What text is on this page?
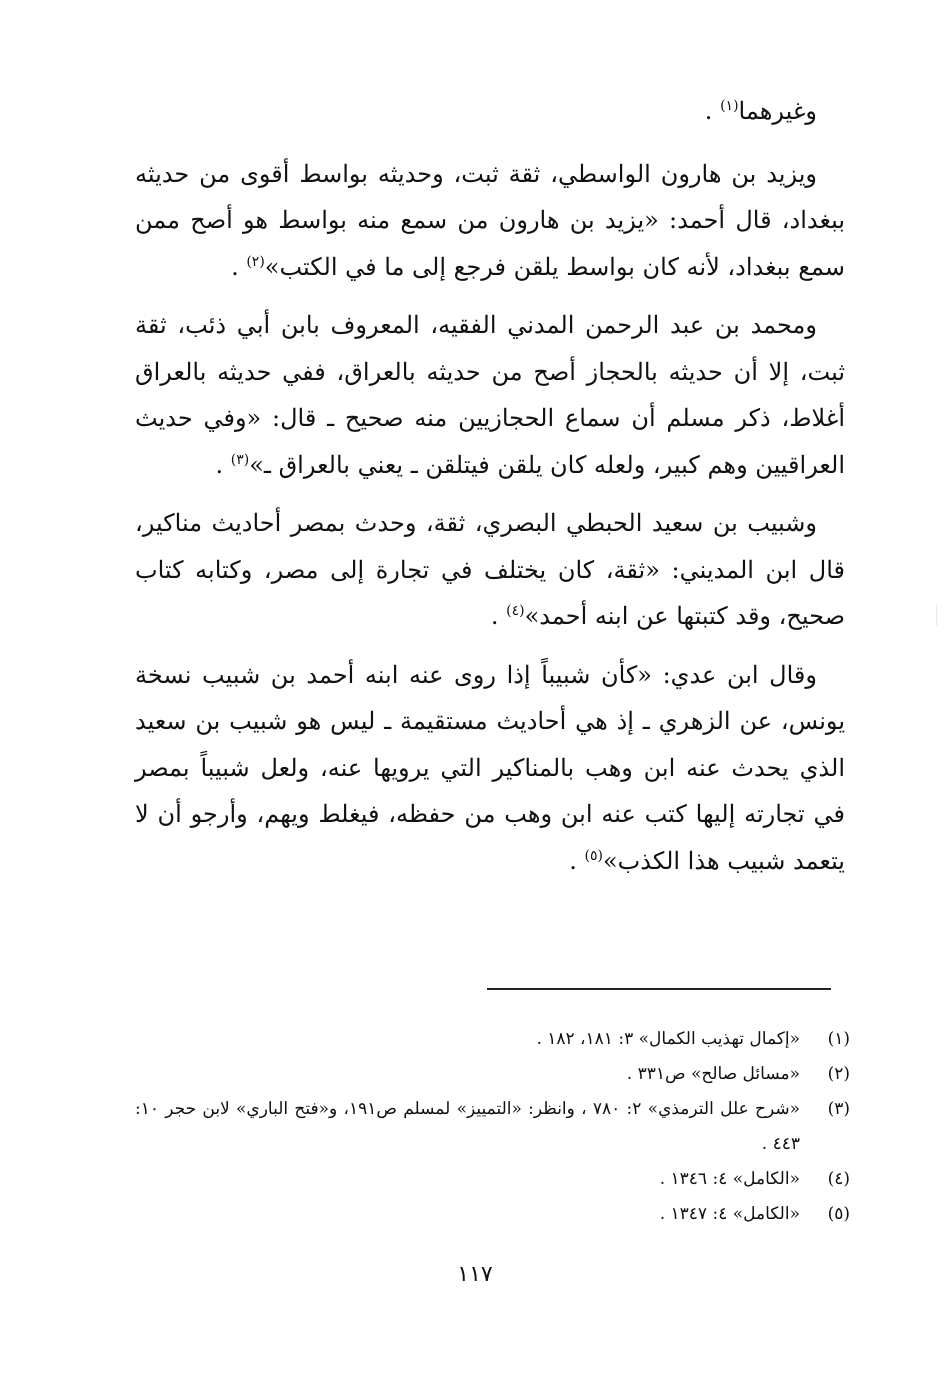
وغيرهما$^{(١)}$ .

ويزيد بن هارون الواسطي، ثقة ثبت، وحديثه بواسط أقوى من حديثه ببغداد، قال أحمد: «يزيد بن هارون من سمع منه بواسط هو أصح ممن سمع ببغداد، لأنه كان بواسط يلقن فرجع إلى ما في الكتب»$^{(٢)}$ .

ومحمد بن عبد الرحمن المدني الفقيه، المعروف بابن أبي ذئب، ثقة ثبت، إلا أن حديثه بالحجاز أصح من حديثه بالعراق، ففي حديثه بالعراق أغلاط، ذكر مسلم أن سماع الحجازيين منه صحيح ـ قال: «وفي حديث العراقيين وهم كبير، ولعله كان يلقن فيتلقن ـ يعني بالعراق ـ»$^{(٣)}$ .

وشبيب بن سعيد الحبطي البصري، ثقة، وحدث بمصر أحاديث مناكير، قال ابن المديني: «ثقة، كان يختلف في تجارة إلى مصر، وكتابه كتاب صحيح، وقد كتبتها عن ابنه أحمد»$^{(٤)}$ .

وقال ابن عدي: «كأن شبيباً إذا روى عنه ابنه أحمد بن شبيب نسخة يونس، عن الزهري ـ إذ هي أحاديث مستقيمة ـ ليس هو شبيب بن سعيد الذي يحدث عنه ابن وهب بالمناكير التي يرويها عنه، ولعل شبيباً بمصر في تجارته إليها كتب عنه ابن وهب من حفظه، فيغلط ويهم، وأرجو أن لا يتعمد شبيب هذا الكذب»$^{(٥)}$ .

(١)
«إكمال تهذيب الكمال» ٣: ١٨١، ١٨٢ .
(٢)
«مسائل صالح» ص٣٣١ .
(٣)
«شرح علل الترمذي» ٢: ٧٨٠ ، وانظر: «التمييز» لمسلم ص١٩١، و«فتح الباري» لابن حجر ١٠: ٤٤٣ .
(٤)
«الكامل» ٤: ١٣٤٦ .
(٥)
«الكامل» ٤: ١٣٤٧ .
١١٧
